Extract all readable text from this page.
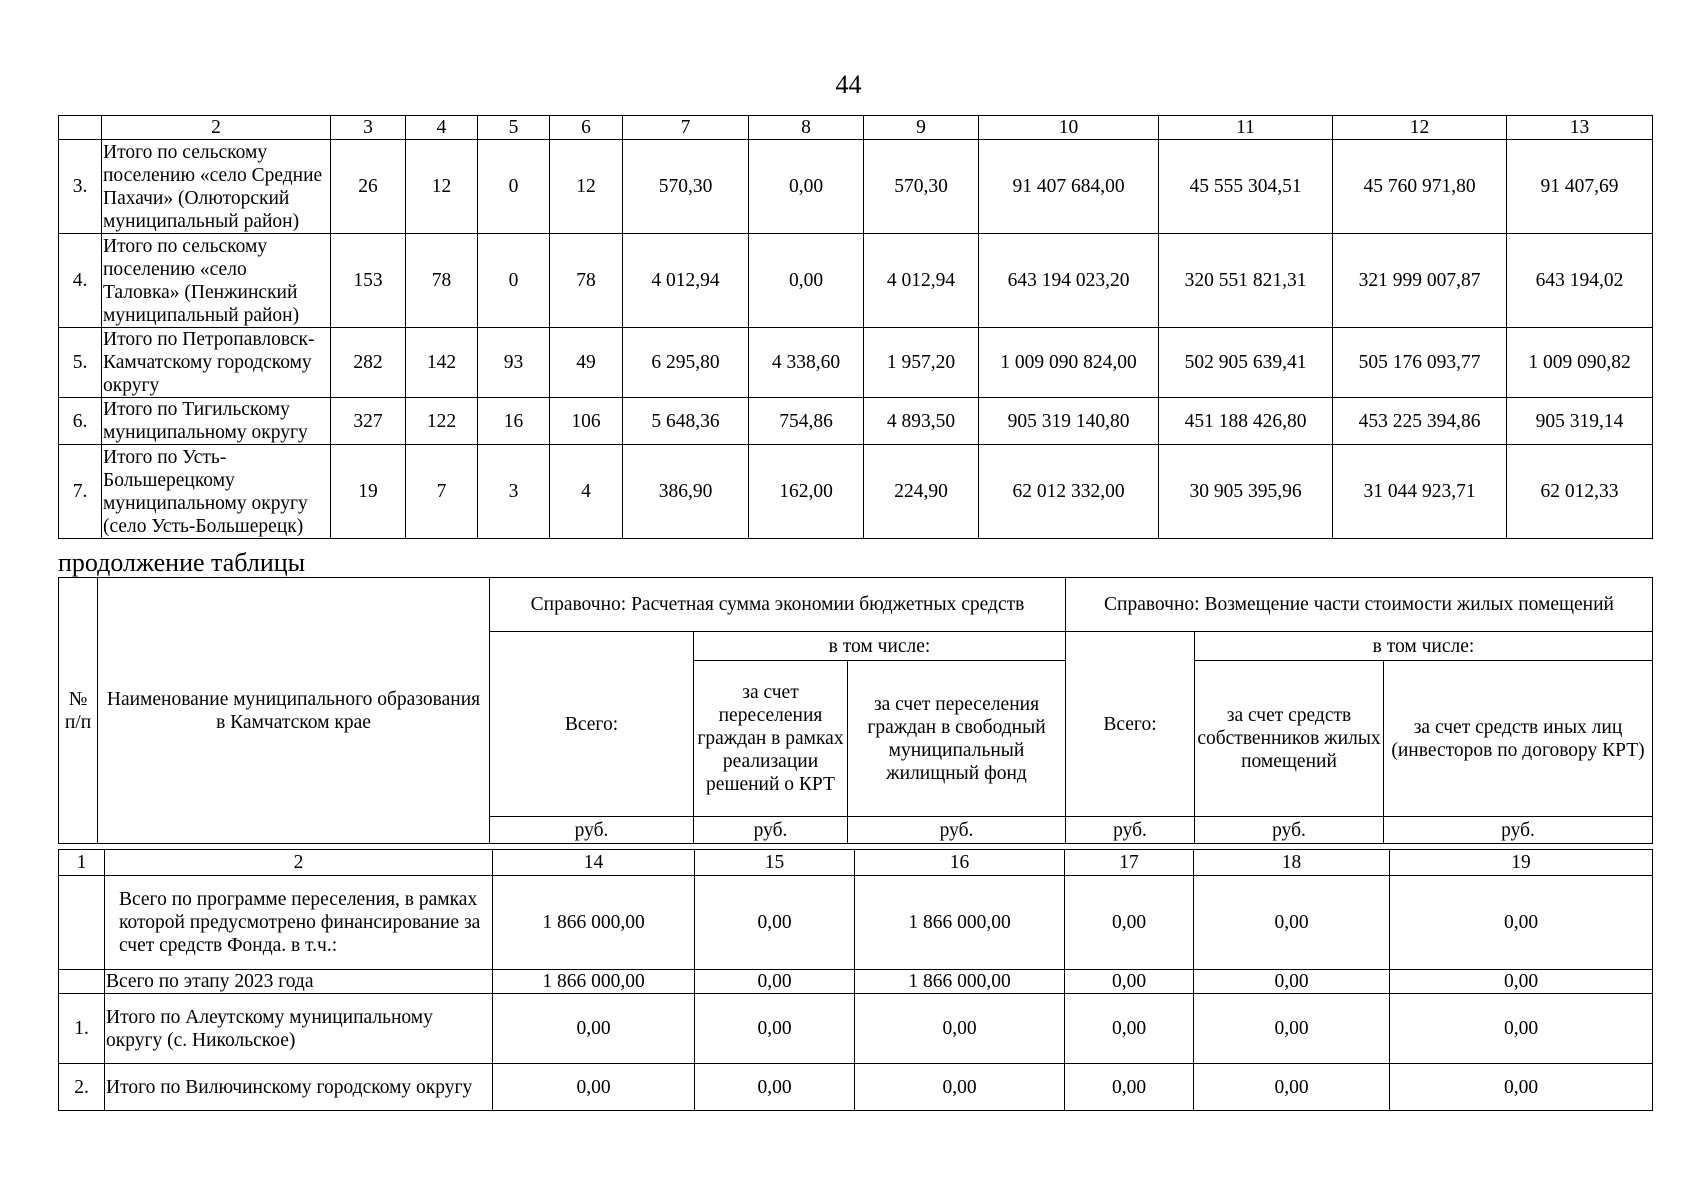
44
	2	3	4	5	6	7	8	9	10	11	12	13
3.	Итого по сельскому поселению «село Средние Пахачи» (Олюторский муниципальный район)	26	12	0	12	570,30	0,00	570,30	91 407 684,00	45 555 304,51	45 760 971,80	91 407,69
4.	Итого по сельскому поселению «село Таловка» (Пенжинский муниципальный район)	153	78	0	78	4 012,94	0,00	4 012,94	643 194 023,20	320 551 821,31	321 999 007,87	643 194,02
5.	Итого по Петропавловск-Камчатскому городскому округу	282	142	93	49	6 295,80	4 338,60	1 957,20	1 009 090 824,00	502 905 639,41	505 176 093,77	1 009 090,82
6.	Итого по Тигильскому муниципальному округу	327	122	16	106	5 648,36	754,86	4 893,50	905 319 140,80	451 188 426,80	453 225 394,86	905 319,14
7.	Итого по Усть-Большерецкому муниципальному округу (село Усть-Большерецк)	19	7	3	4	386,90	162,00	224,90	62 012 332,00	30 905 395,96	31 044 923,71	62 012,33
продолжение таблицы
№ п/п	Наименование муниципального образования в Камчатском крае	Справочно: Расчетная сумма экономии бюджетных средств			Справочно: Возмещение части стоимости жилых помещений		
		Всего:	в том числе:		Всего:	в том числе:	
			за счет переселения граждан в рамках реализации решений о КРТ	за счет переселения граждан в свободный муниципальный жилищный фонд		за счет средств собственников жилых помещений	за счет средств иных лиц (инвесторов по договору КРТ)
		руб.	руб.	руб.	руб.	руб.	руб.
1	2	14	15	16	17	18	19
	Всего по программе переселения, в рамках которой предусмотрено финансирование за счет средств Фонда. в т.ч.:	1 866 000,00	0,00	1 866 000,00	0,00	0,00	0,00
	Всего по этапу 2023 года	1 866 000,00	0,00	1 866 000,00	0,00	0,00	0,00
1.	Итого по Алеутскому муниципальному округу (с. Никольское)	0,00	0,00	0,00	0,00	0,00	0,00
2.	Итого по Вилючинскому городскому округу	0,00	0,00	0,00	0,00	0,00	0,00
